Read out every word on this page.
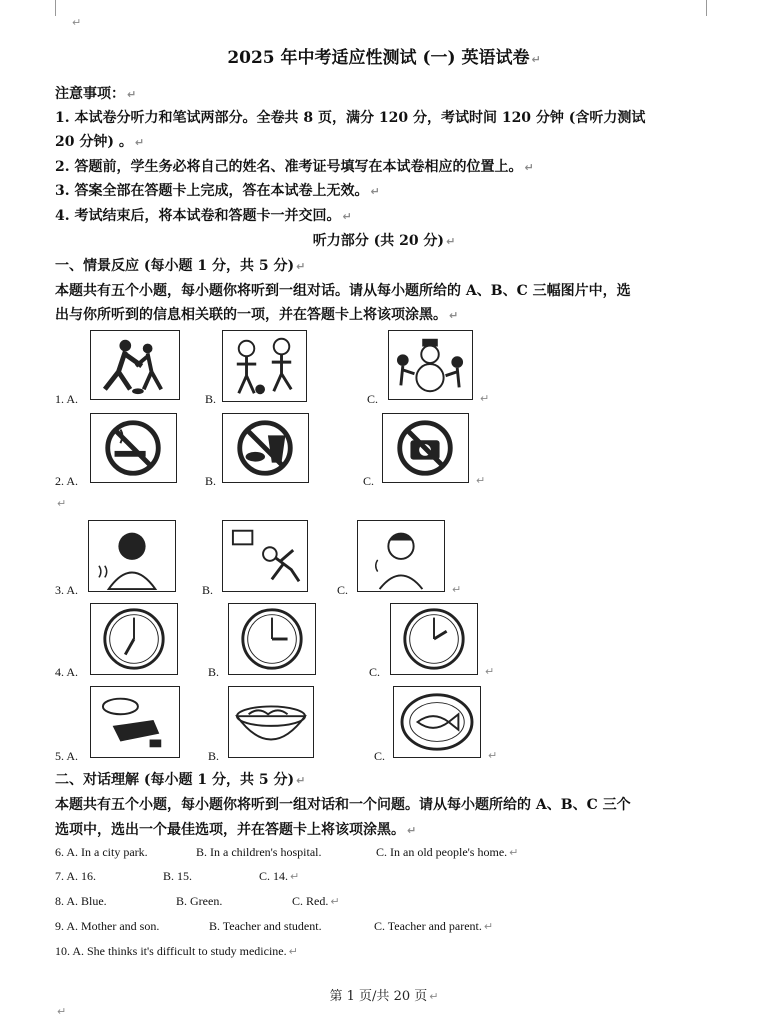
↵
2025 年中考适应性测试 (一) 英语试卷 ↵
注意事项： ↵
1. 本试卷分听力和笔试两部分。全卷共 8 页，满分 120 分，考试时间 120 分钟 (含听力测试
20 分钟) 。 ↵
2. 答题前，学生务必将自己的姓名、准考证号填写在本试卷相应的位置上。 ↵
3. 答案全部在答题卡上完成，答在本试卷上无效。 ↵
4. 考试结束后，将本试卷和答题卡一并交回。 ↵
听力部分 (共 20 分) ↵
一、情景反应 (每小题 1 分，共 5 分) ↵
本题共有五个小题，每小题你将听到一组对话。请从每小题所给的 A、B、C 三幅图片中，选
出与你所听到的信息相关联的一项，并在答题卡上将该项涂黑。 ↵
1. A.	B.	C.	↵
2. A.	B.	C.	↵
↵
3. A.	B.	C.	↵
4. A.	B.	C.	↵
5. A.	B.	C.	↵
二、对话理解 (每小题 1 分，共 5 分) ↵
本题共有五个小题，每小题你将听到一组对话和一个问题。请从每小题所给的 A、B、C 三个
选项中，选出一个最佳选项，并在答题卡上将该项涂黑。 ↵
6. A. In a city park.	B. In a children's hospital.	C. In an old people's home. ↵
7. A. 16.	B. 15.	C. 14. ↵
8. A. Blue.	B. Green.	C. Red. ↵
9. A. Mother and son.	B. Teacher and student.	C. Teacher and parent. ↵
10. A. She thinks it's difficult to study medicine. ↵
第 1 页/共 20 页 ↵
↵
